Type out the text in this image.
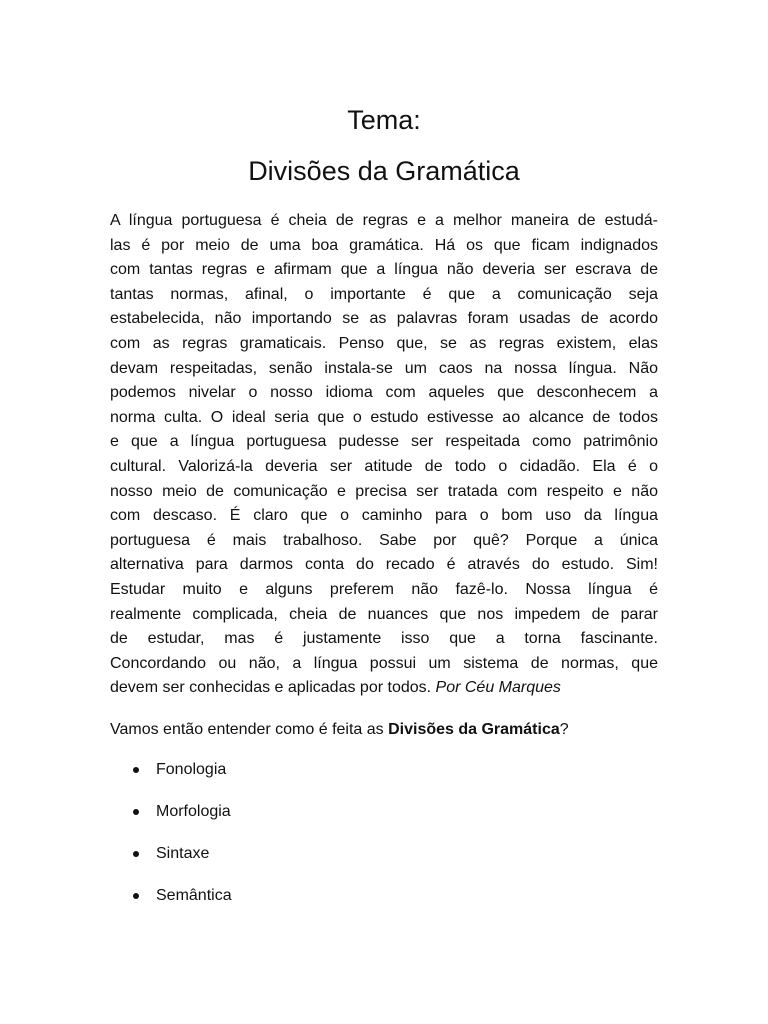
Tema:
Divisões da Gramática
A língua portuguesa é cheia de regras e a melhor maneira de estudá-
las é por meio de uma boa gramática. Há os que ficam indignados
com tantas regras e afirmam que a língua não deveria ser escrava de
tantas normas, afinal, o importante é que a comunicação seja
estabelecida, não importando se as palavras foram usadas de acordo
com as regras gramaticais. Penso que, se as regras existem, elas
devam respeitadas, senão instala-se um caos na nossa língua. Não
podemos nivelar o nosso idioma com aqueles que desconhecem a
norma culta. O ideal seria que o estudo estivesse ao alcance de todos
e que a língua portuguesa pudesse ser respeitada como patrimônio
cultural. Valorizá-la deveria ser atitude de todo o cidadão. Ela é o
nosso meio de comunicação e precisa ser tratada com respeito e não
com descaso. É claro que o caminho para o bom uso da língua
portuguesa é mais trabalhoso. Sabe por quê? Porque a única
alternativa para darmos conta do recado é através do estudo. Sim!
Estudar muito e alguns preferem não fazê-lo. Nossa língua é
realmente complicada, cheia de nuances que nos impedem de parar
de estudar, mas é justamente isso que a torna fascinante.
Concordando ou não, a língua possui um sistema de normas, que
devem ser conhecidas e aplicadas por todos. Por Céu Marques
Vamos então entender como é feita as Divisões da Gramática?
Fonologia
Morfologia
Sintaxe
Semântica
